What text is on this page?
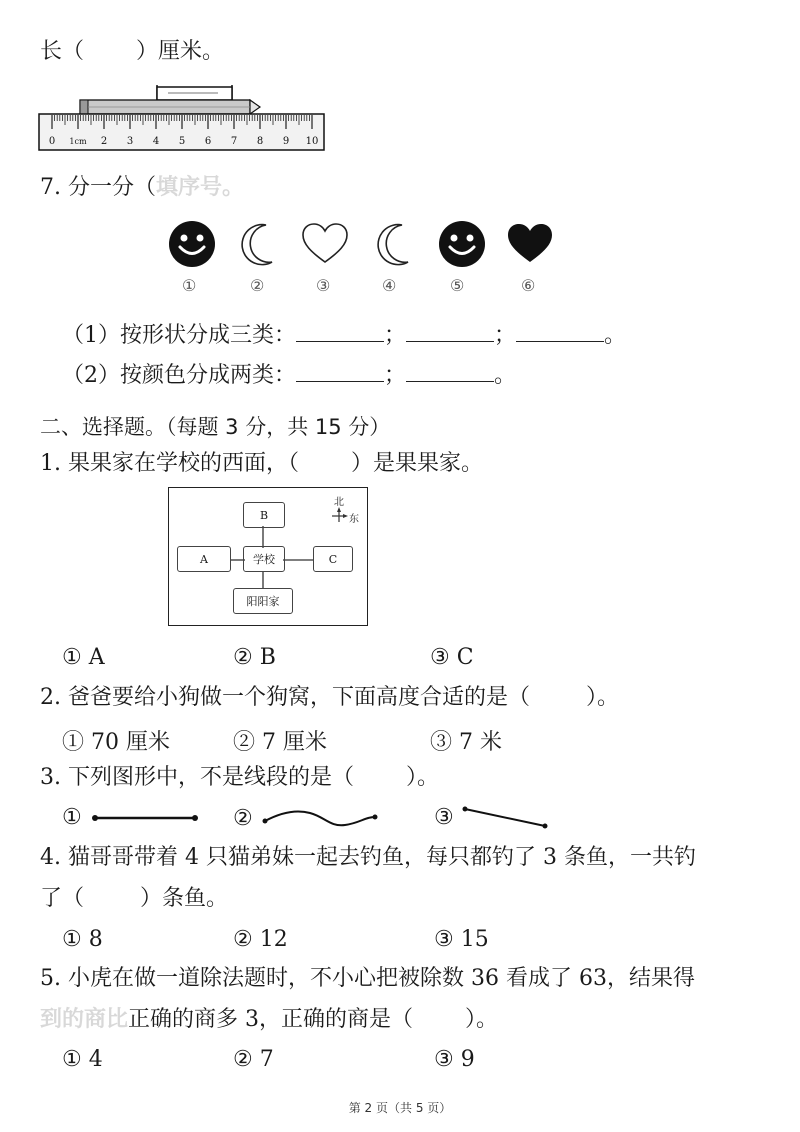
长（ ）厘米。
0 1cm 2 3 4 5 6 7 8 9 10
7. 分一分（填序号。
①	②	③	④	⑤	⑥
（1）按形状分成三类：	；	；	。
（2）按颜色分成两类：	；	。
二、选择题。（每题 3 分，共 15 分）
1. 果果家在学校的西面，（ ）是果果家。
B
A	学校	C
阳阳家
北
东
① A	② B	③ C
2. 爸爸要给小狗做一个狗窝，下面高度合适的是（	）。
① 70 厘米	② 7 厘米	③ 7 米
3. 下列图形中，不是线段的是（ ）。
①	②	③
4. 猫哥哥带着 4 只猫弟妹一起去钓鱼，每只都钓了 3 条鱼，一共钓
了（	）条鱼。
① 8	② 12	③ 15
5. 小虎在做一道除法题时，不小心把被除数 36 看成了 63，结果得
到的商比正确的商多 3，正确的商是（ ）。
① 4	② 7	③ 9
第 2 页（共 5 页）
